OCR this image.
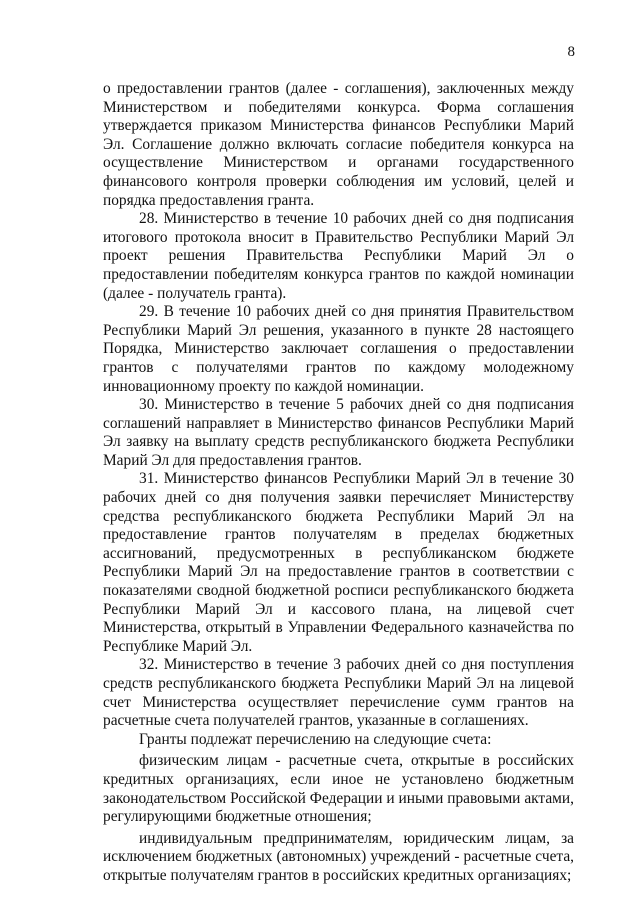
8

о предоставлении грантов (далее - соглашения), заключенных между Министерством и победителями конкурса. Форма соглашения утверждается приказом Министерства финансов Республики Марий Эл. Соглашение должно включать согласие победителя конкурса на осуществление Министерством и органами государственного финансового контроля проверки соблюдения им условий, целей и порядка предоставления гранта.

28. Министерство в течение 10 рабочих дней со дня подписания итогового протокола вносит в Правительство Республики Марий Эл проект решения Правительства Республики Марий Эл о предоставлении победителям конкурса грантов по каждой номинации (далее - получатель гранта).

29. В течение 10 рабочих дней со дня принятия Правительством Республики Марий Эл решения, указанного в пункте 28 настоящего Порядка, Министерство заключает соглашения о предоставлении грантов с получателями грантов по каждому молодежному инновационному проекту по каждой номинации.

30. Министерство в течение 5 рабочих дней со дня подписания соглашений направляет в Министерство финансов Республики Марий Эл заявку на выплату средств республиканского бюджета Республики Марий Эл для предоставления грантов.

31. Министерство финансов Республики Марий Эл в течение 30 рабочих дней со дня получения заявки перечисляет Министерству средства республиканского бюджета Республики Марий Эл на предоставление грантов получателям в пределах бюджетных ассигнований, предусмотренных в республиканском бюджете Республики Марий Эл на предоставление грантов в соответствии с показателями сводной бюджетной росписи республиканского бюджета Республики Марий Эл и кассового плана, на лицевой счет Министерства, открытый в Управлении Федерального казначейства по Республике Марий Эл.

32. Министерство в течение 3 рабочих дней со дня поступления средств республиканского бюджета Республики Марий Эл на лицевой счет Министерства осуществляет перечисление сумм грантов на расчетные счета получателей грантов, указанные в соглашениях.

Гранты подлежат перечислению на следующие счета:

физическим лицам - расчетные счета, открытые в российских кредитных организациях, если иное не установлено бюджетным законодательством Российской Федерации и иными правовыми актами, регулирующими бюджетные отношения;

индивидуальным предпринимателям, юридическим лицам, за исключением бюджетных (автономных) учреждений - расчетные счета, открытые получателям грантов в российских кредитных организациях;
